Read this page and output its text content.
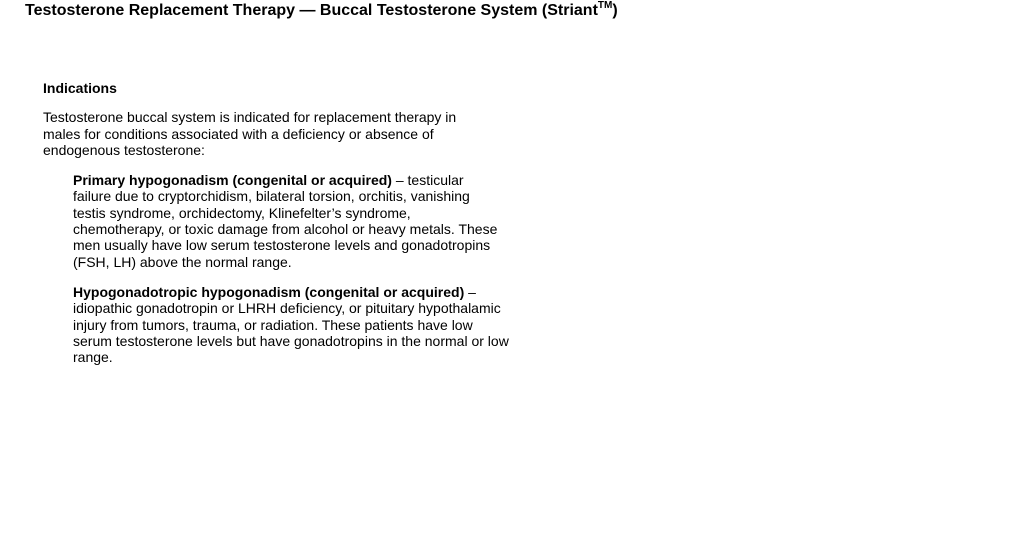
Testosterone Replacement Therapy — Buccal Testosterone System (Striant™)
Indications
Testosterone buccal system is indicated for replacement therapy in males for conditions associated with a deficiency or absence of endogenous testosterone:
Primary hypogonadism (congenital or acquired) – testicular failure due to cryptorchidism, bilateral torsion, orchitis, vanishing testis syndrome, orchidectomy, Klinefelter’s syndrome, chemotherapy, or toxic damage from alcohol or heavy metals. These men usually have low serum testosterone levels and gonadotropins (FSH, LH) above the normal range.
Hypogonadotropic hypogonadism (congenital or acquired) – idiopathic gonadotropin or LHRH deficiency, or pituitary hypothalamic injury from tumors, trauma, or radiation. These patients have low serum testosterone levels but have gonadotropins in the normal or low range.
